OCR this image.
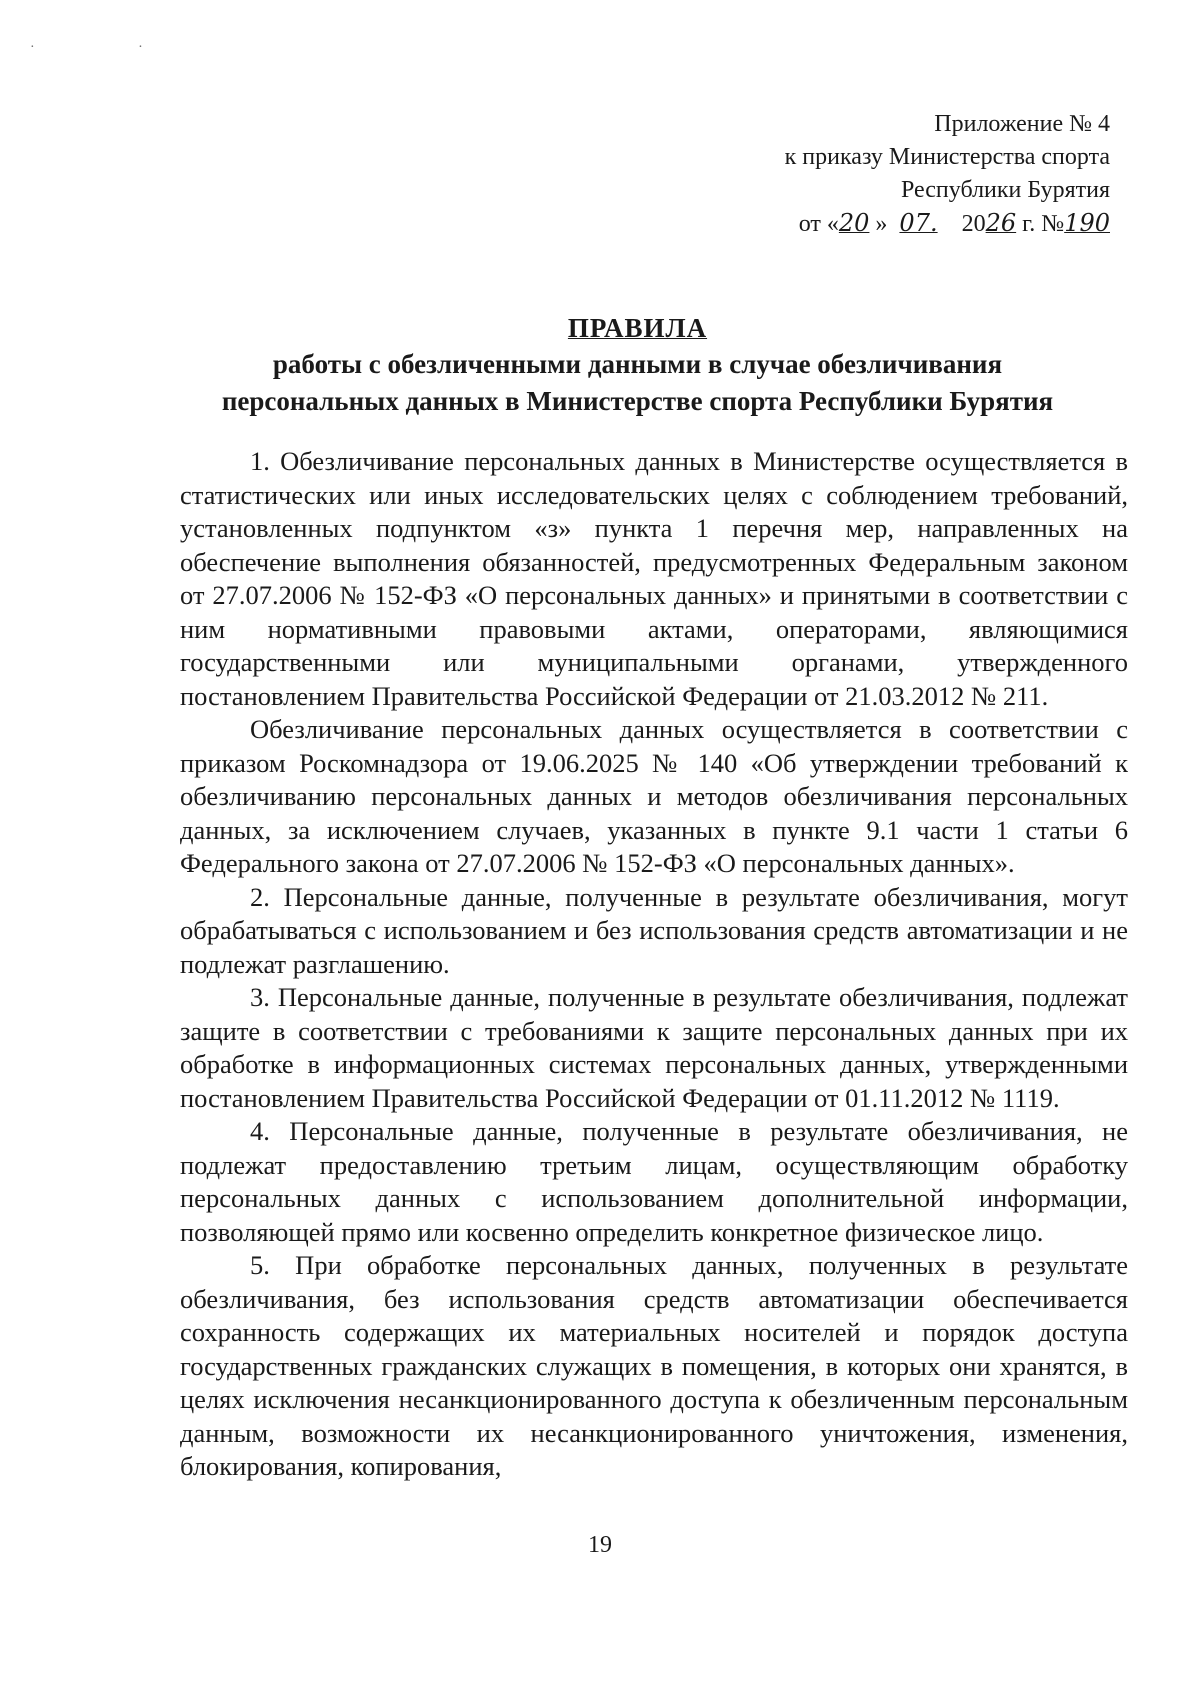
· ·
Приложение № 4
к приказу Министерства спорта
Республики Бурятия
от «20 » 07. 2026 г. №190
ПРАВИЛА
работы с обезличенными данными в случае обезличивания
персональных данных в Министерстве спорта Республики Бурятия

1. Обезличивание персональных данных в Министерстве осуществляется в статистических или иных исследовательских целях с соблюдением требований, установленных подпунктом «з» пункта 1 перечня мер, направленных на обеспечение выполнения обязанностей, предусмотренных Федеральным законом от 27.07.2006 № 152-ФЗ «О персональных данных» и принятыми в соответствии с ним нормативными правовыми актами, операторами, являющимися государственными или муниципальными органами, утвержденного постановлением Правительства Российской Федерации от 21.03.2012 № 211.

Обезличивание персональных данных осуществляется в соответствии с приказом Роскомнадзора от 19.06.2025 № 140 «Об утверждении требований к обезличиванию персональных данных и методов обезличивания персональных данных, за исключением случаев, указанных в пункте 9.1 части 1 статьи 6 Федерального закона от 27.07.2006 № 152-ФЗ «О персональных данных».

2. Персональные данные, полученные в результате обезличивания, могут обрабатываться с использованием и без использования средств автоматизации и не подлежат разглашению.

3. Персональные данные, полученные в результате обезличивания, подлежат защите в соответствии с требованиями к защите персональных данных при их обработке в информационных системах персональных данных, утвержденными постановлением Правительства Российской Федерации от 01.11.2012 № 1119.

4. Персональные данные, полученные в результате обезличивания, не подлежат предоставлению третьим лицам, осуществляющим обработку персональных данных с использованием дополнительной информации, позволяющей прямо или косвенно определить конкретное физическое лицо.

5. При обработке персональных данных, полученных в результате обезличивания, без использования средств автоматизации обеспечивается сохранность содержащих их материальных носителей и порядок доступа государственных гражданских служащих в помещения, в которых они хранятся, в целях исключения несанкционированного доступа к обезличенным персональным данным, возможности их несанкционированного уничтожения, изменения, блокирования, копирования,

19
